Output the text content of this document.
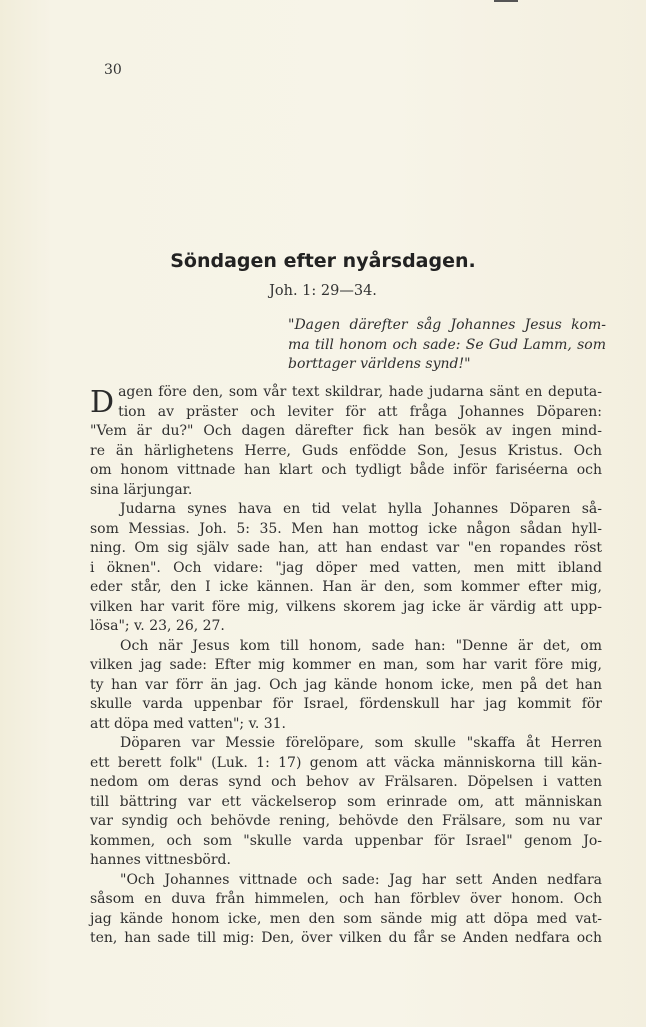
30
Söndagen efter nyårsdagen.
Joh. 1: 29—34.
"Dagen därefter såg Johannes Jesus kom-
ma till honom och sade: Se Gud Lamm, som
borttager världens synd!"
D agen före den, som vår text skildrar, hade judarna sänt en deputa-
tion av präster och leviter för att fråga Johannes Döparen:
"Vem är du?" Och dagen därefter fick han besök av ingen mind-
re än härlighetens Herre, Guds enfödde Son, Jesus Kristus. Och
om honom vittnade han klart och tydligt både inför fariséerna och
sina lärjungar.
Judarna synes hava en tid velat hylla Johannes Döparen så-
som Messias. Joh. 5: 35. Men han mottog icke någon sådan hyll-
ning. Om sig själv sade han, att han endast var "en ropandes röst
i öknen". Och vidare: "jag döper med vatten, men mitt ibland
eder står, den I icke kännen. Han är den, som kommer efter mig,
vilken har varit före mig, vilkens skorem jag icke är värdig att upp-
lösa"; v. 23, 26, 27.
Och när Jesus kom till honom, sade han: "Denne är det, om
vilken jag sade: Efter mig kommer en man, som har varit före mig,
ty han var förr än jag. Och jag kände honom icke, men på det han
skulle varda uppenbar för Israel, fördenskull har jag kommit för
att döpa med vatten"; v. 31.
Döparen var Messie förelöpare, som skulle "skaffa åt Herren
ett berett folk" (Luk. 1: 17) genom att väcka människorna till kän-
nedom om deras synd och behov av Frälsaren. Döpelsen i vatten
till bättring var ett väckelserop som erinrade om, att människan
var syndig och behövde rening, behövde den Frälsare, som nu var
kommen, och som "skulle varda uppenbar för Israel" genom Jo-
hannes vittnesbörd.
"Och Johannes vittnade och sade: Jag har sett Anden nedfara
såsom en duva från himmelen, och han förblev över honom. Och
jag kände honom icke, men den som sände mig att döpa med vat-
ten, han sade till mig: Den, över vilken du får se Anden nedfara och
